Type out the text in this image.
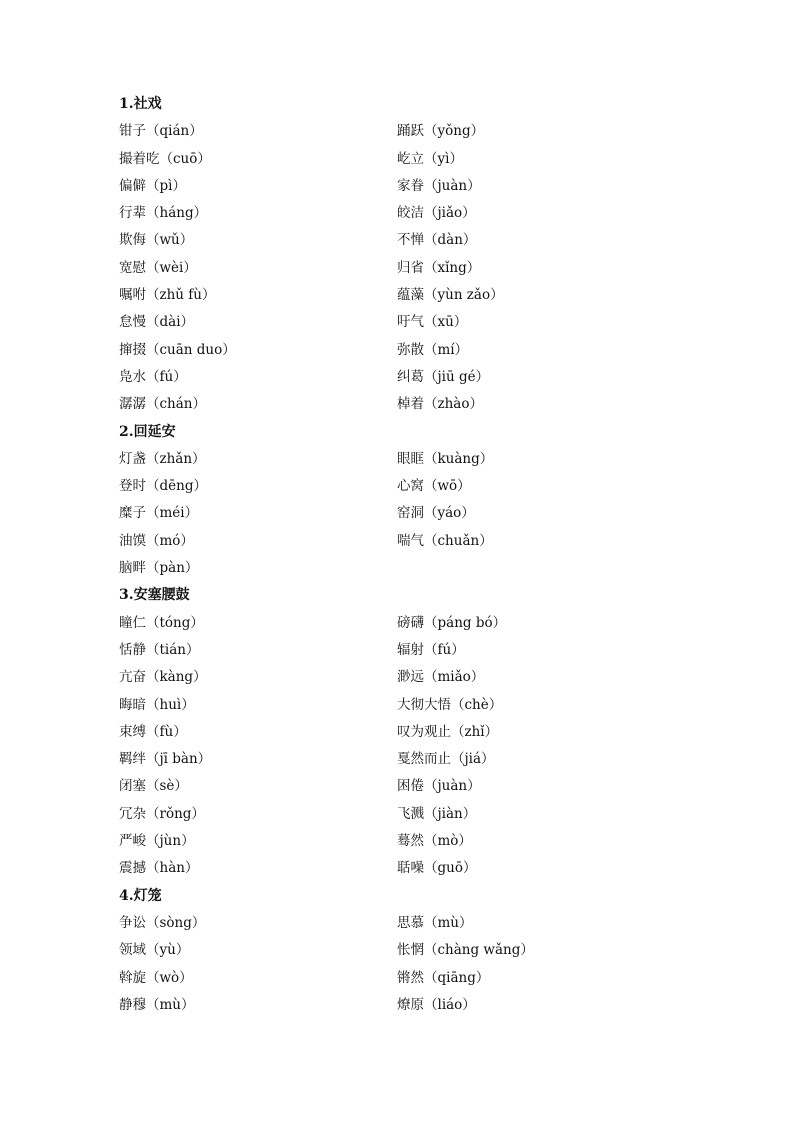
1.社戏
钳子（qián）	踊跃（yǒng）
撮着吃（cuō）	屹立（yì）
偏僻（pì）	家眷（juàn）
行辈（háng）	皎洁（jiǎo）
欺侮（wǔ）	不惮（dàn）
宽慰（wèi）	归省（xǐng）
嘱咐（zhǔ fù）	蕴藻（yùn zǎo）
怠慢（dài）	吁气（xū）
撺掇（cuān duo）	弥散（mí）
凫水（fú）	纠葛（jiū gé）
潺潺（chán）	棹着（zhào）
2.回延安
灯盏（zhǎn）	眼眶（kuàng）
登时（dēng）	心窝（wō）
糜子（méi）	窑洞（yáo）
油馍（mó）	喘气（chuǎn）
脑畔（pàn）
3.安塞腰鼓
瞳仁（tóng）	磅礴（páng bó）
恬静（tián）	辐射（fú）
亢奋（kàng）	渺远（miǎo）
晦暗（huì）	大彻大悟（chè）
束缚（fù）	叹为观止（zhǐ）
羁绊（jī bàn）	戛然而止（jiá）
闭塞（sè）	困倦（juàn）
冗杂（rǒng）	飞溅（jiàn）
严峻（jùn）	蓦然（mò）
震撼（hàn）	聒噪（guō）
4.灯笼
争讼（sòng）	思慕（mù）
领域（yù）	怅惘（chàng wǎng）
斡旋（wò）	锵然（qiāng）
静穆（mù）	燎原（liáo）
